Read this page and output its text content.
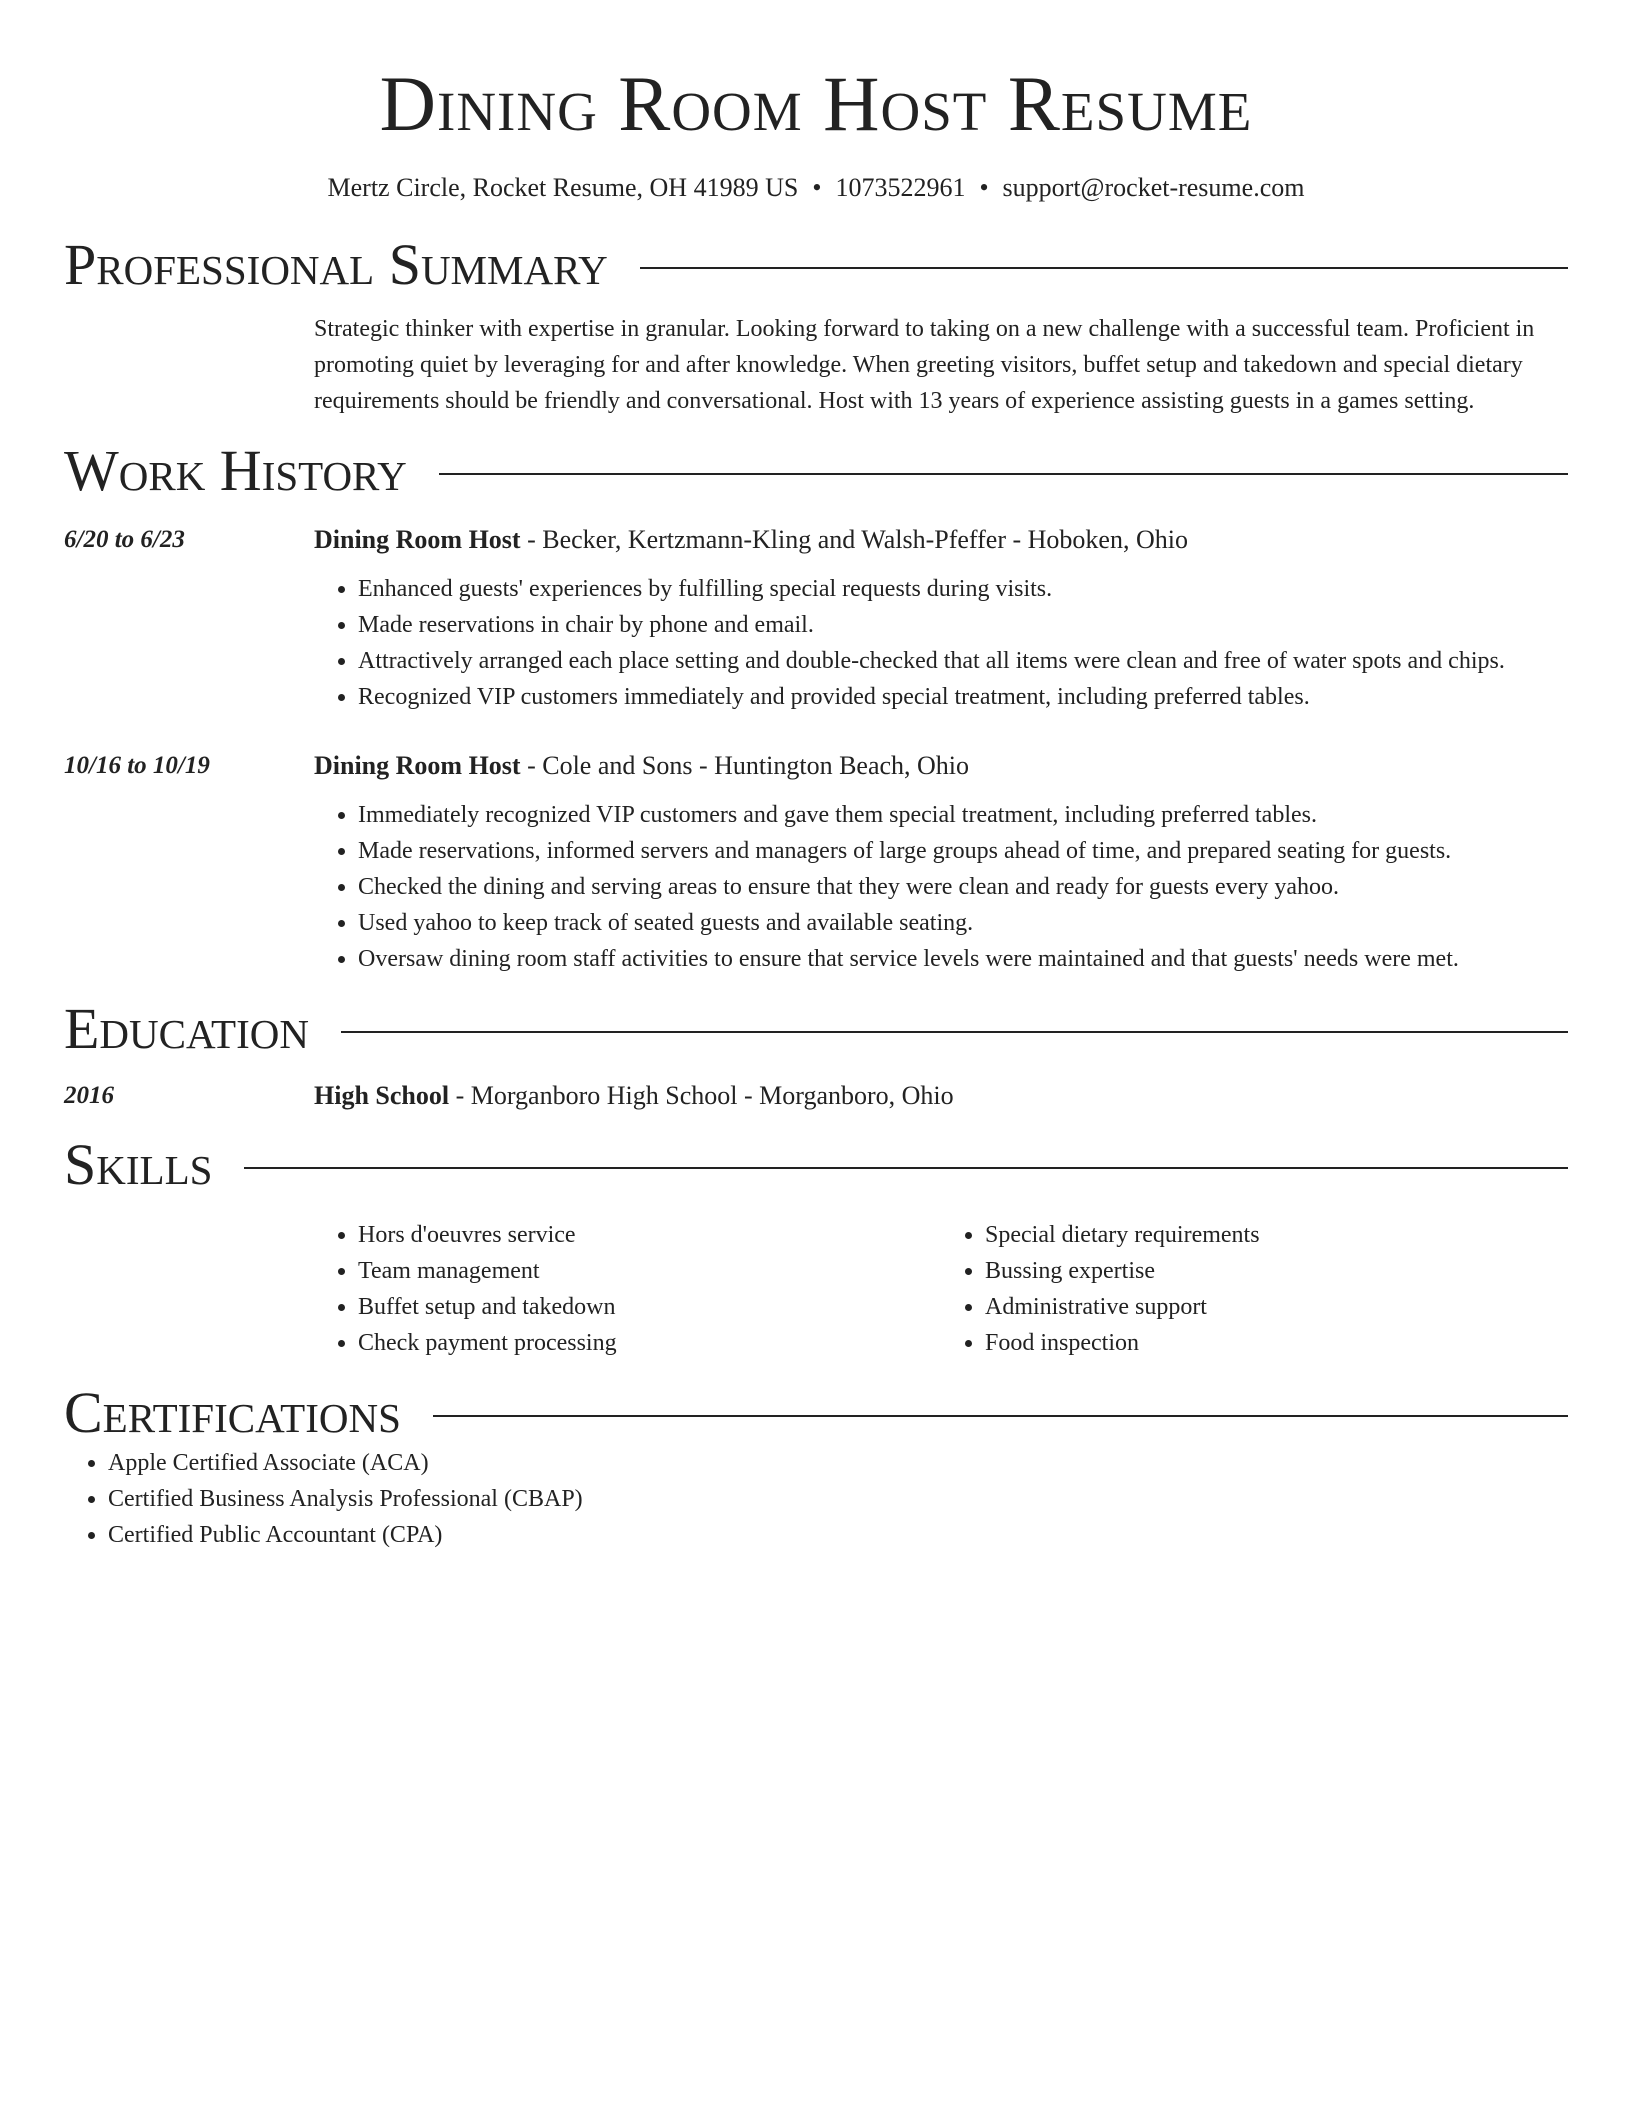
Dining Room Host Resume
Mertz Circle, Rocket Resume, OH 41989 US • 1073522961 • support@rocket-resume.com
Professional Summary

Strategic thinker with expertise in granular. Looking forward to taking on a new challenge with a successful team. Proficient in promoting quiet by leveraging for and after knowledge. When greeting visitors, buffet setup and takedown and special dietary requirements should be friendly and conversational. Host with 13 years of experience assisting guests in a games setting.

Work History
6/20 to 6/23	Dining Room Host - Becker, Kertzmann-Kling and Walsh-Pfeffer - Hoboken, Ohio
• Enhanced guests' experiences by fulfilling special requests during visits.
• Made reservations in chair by phone and email.
• Attractively arranged each place setting and double-checked that all items were clean and free of water spots and chips.
• Recognized VIP customers immediately and provided special treatment, including preferred tables.
10/16 to 10/19	Dining Room Host - Cole and Sons - Huntington Beach, Ohio
• Immediately recognized VIP customers and gave them special treatment, including preferred tables.
• Made reservations, informed servers and managers of large groups ahead of time, and prepared seating for guests.
• Checked the dining and serving areas to ensure that they were clean and ready for guests every yahoo.
• Used yahoo to keep track of seated guests and available seating.
• Oversaw dining room staff activities to ensure that service levels were maintained and that guests' needs were met.
Education
2016	High School - Morganboro High School - Morganboro, Ohio
Skills
• Hors d'oeuvres service
• Team management
• Buffet setup and takedown
• Check payment processing
• Special dietary requirements
• Bussing expertise
• Administrative support
• Food inspection
Certifications
• Apple Certified Associate (ACA)
• Certified Business Analysis Professional (CBAP)
• Certified Public Accountant (CPA)
